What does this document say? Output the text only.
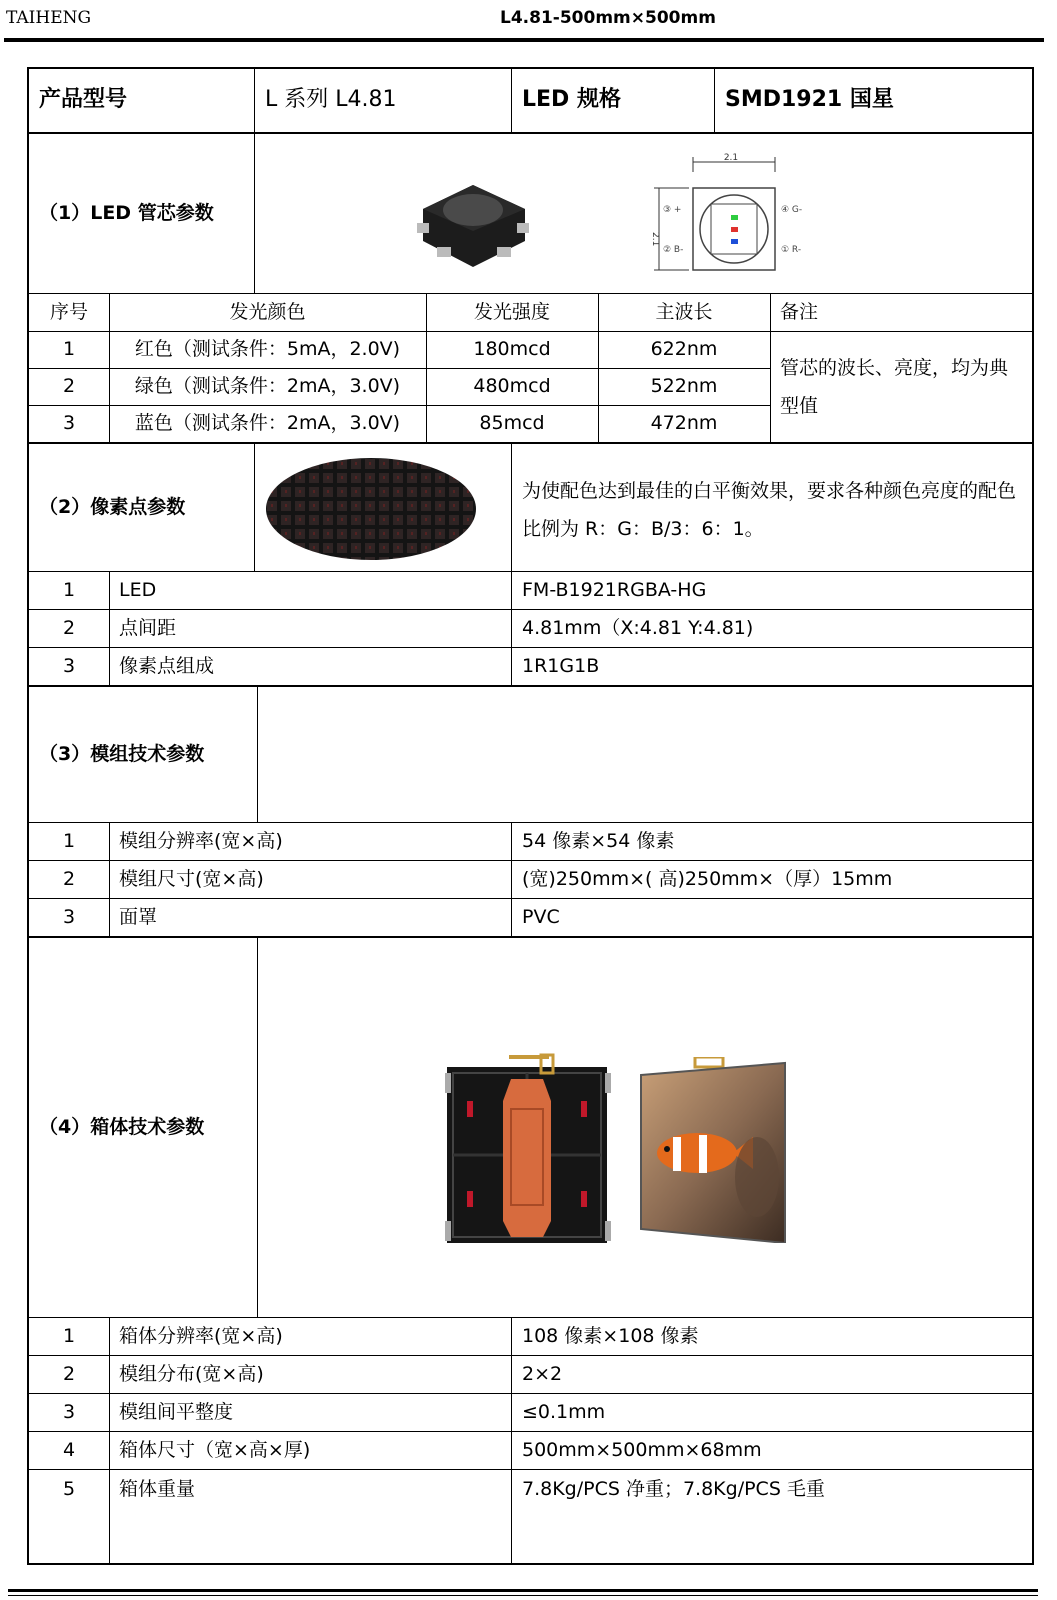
TAIHENG	L4.81-500mm×500mm
产品型号	L 系列 L4.81	LED 规格	SMD1921 国星
（1）LED 管芯参数
2.1
2.1
③ +
② B-
④ G-
① R-
序号	发光颜色	发光强度	主波长	备注
1	红色（测试条件：5mA，2.0V)	180mcd	622nm
2	绿色（测试条件：2mA，3.0V)	480mcd	522nm
3	蓝色（测试条件：2mA，3.0V)	85mcd	472nm
管芯的波长、亮度，均为典型值
（2）像素点参数
为使配色达到最佳的白平衡效果，要求各种颜色亮度的配色比例为 R：G：B/3：6：1。
1	LED	FM-B1921RGBA-HG
2	点间距	4.81mm（X:4.81 Y:4.81)
3	像素点组成	1R1G1B
（3）模组技术参数
1	模组分辨率(宽×高)	54 像素×54 像素
2	模组尺寸(宽×高)	(宽)250mm×( 高)250mm×（厚）15mm
3	面罩	PVC
（4）箱体技术参数
1	箱体分辨率(宽×高)	108 像素×108 像素
2	模组分布(宽×高)	2×2
3	模组间平整度	≤0.1mm
4	箱体尺寸（宽×高×厚)	500mm×500mm×68mm
5	箱体重量	7.8Kg/PCS 净重；7.8Kg/PCS 毛重
